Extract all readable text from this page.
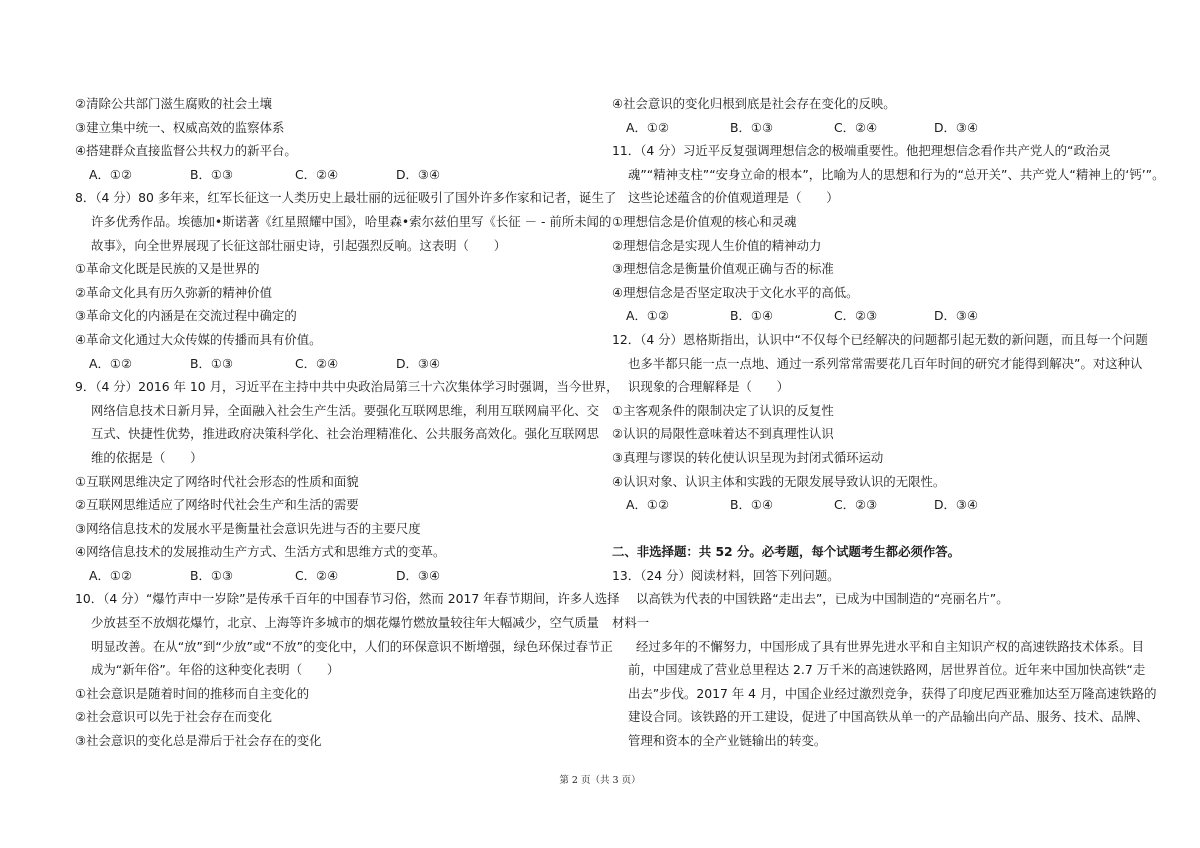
②清除公共部门滋生腐败的社会土壤
③建立集中统一、权威高效的监察体系
④搭建群众直接监督公共权力的新平台。
A．①②	B．①③	C．②④	D．③④
8．（4 分）80 多年来，红军长征这一人类历史上最壮丽的远征吸引了国外许多作家和记者，诞生了
许多优秀作品。埃德加•斯诺著《红星照耀中国》，哈里森•索尔兹伯里写《长征 － - 前所未闻的
故事》，向全世界展现了长征这部壮丽史诗，引起强烈反响。这表明（　　）
①革命文化既是民族的又是世界的
②革命文化具有历久弥新的精神价值
③革命文化的内涵是在交流过程中确定的
④革命文化通过大众传媒的传播而具有价值。
A．①②	B．①③	C．②④	D．③④
9．（4 分）2016 年 10 月，习近平在主持中共中央政治局第三十六次集体学习时强调，当今世界，
网络信息技术日新月异，全面融入社会生产生活。要强化互联网思维，利用互联网扁平化、交
互式、快捷性优势，推进政府决策科学化、社会治理精准化、公共服务高效化。强化互联网思
维的依据是（　　）
①互联网思维决定了网络时代社会形态的性质和面貌
②互联网思维适应了网络时代社会生产和生活的需要
③网络信息技术的发展水平是衡量社会意识先进与否的主要尺度
④网络信息技术的发展推动生产方式、生活方式和思维方式的变革。
A．①②	B．①③	C．②④	D．③④
10．（4 分）“爆竹声中一岁除”是传承千百年的中国春节习俗，然而 2017 年春节期间，许多人选择
少放甚至不放烟花爆竹，北京、上海等许多城市的烟花爆竹燃放量较往年大幅减少，空气质量
明显改善。在从“放”到“少放”或“不放”的变化中，人们的环保意识不断增强，绿色环保过春节正
成为“新年俗”。年俗的这种变化表明（　　）
①社会意识是随着时间的推移而自主变化的
②社会意识可以先于社会存在而变化
③社会意识的变化总是滞后于社会存在的变化
④社会意识的变化归根到底是社会存在变化的反映。
A．①②	B．①③	C．②④	D．③④
11．（4 分）习近平反复强调理想信念的极端重要性。他把理想信念看作共产党人的“政治灵
魂”“精神支柱”“安身立命的根本”，比喻为人的思想和行为的“总开关”、共产党人“精神上的‘钙’”。
这些论述蕴含的价值观道理是（　　）
①理想信念是价值观的核心和灵魂
②理想信念是实现人生价值的精神动力
③理想信念是衡量价值观正确与否的标准
④理想信念是否坚定取决于文化水平的高低。
A．①②	B．①④	C．②③	D．③④
12．（4 分）恩格斯指出，认识中“不仅每个已经解决的问题都引起无数的新问题，而且每一个问题
也多半都只能一点一点地、通过一系列常常需要花几百年时间的研究才能得到解决”。对这种认
识现象的合理解释是（　　）
①主客观条件的限制决定了认识的反复性
②认识的局限性意味着达不到真理性认识
③真理与谬误的转化使认识呈现为封闭式循环运动
④认识对象、认识主体和实践的无限发展导致认识的无限性。
A．①②	B．①④	C．②③	D．③④
二、非选择题：共 52 分。必考题，每个试题考生都必须作答。
13．（24 分）阅读材料，回答下列问题。
以高铁为代表的中国铁路“走出去”，已成为中国制造的“亮丽名片”。
材料一
经过多年的不懈努力，中国形成了具有世界先进水平和自主知识产权的高速铁路技术体系。目
前，中国建成了营业总里程达 2.7 万千米的高速铁路网，居世界首位。近年来中国加快高铁“走
出去”步伐。2017 年 4 月，中国企业经过激烈竞争，获得了印度尼西亚雅加达至万隆高速铁路的
建设合同。该铁路的开工建设，促进了中国高铁从单一的产品输出向产品、服务、技术、品牌、
管理和资本的全产业链输出的转变。
第 2 页（共 3 页）
